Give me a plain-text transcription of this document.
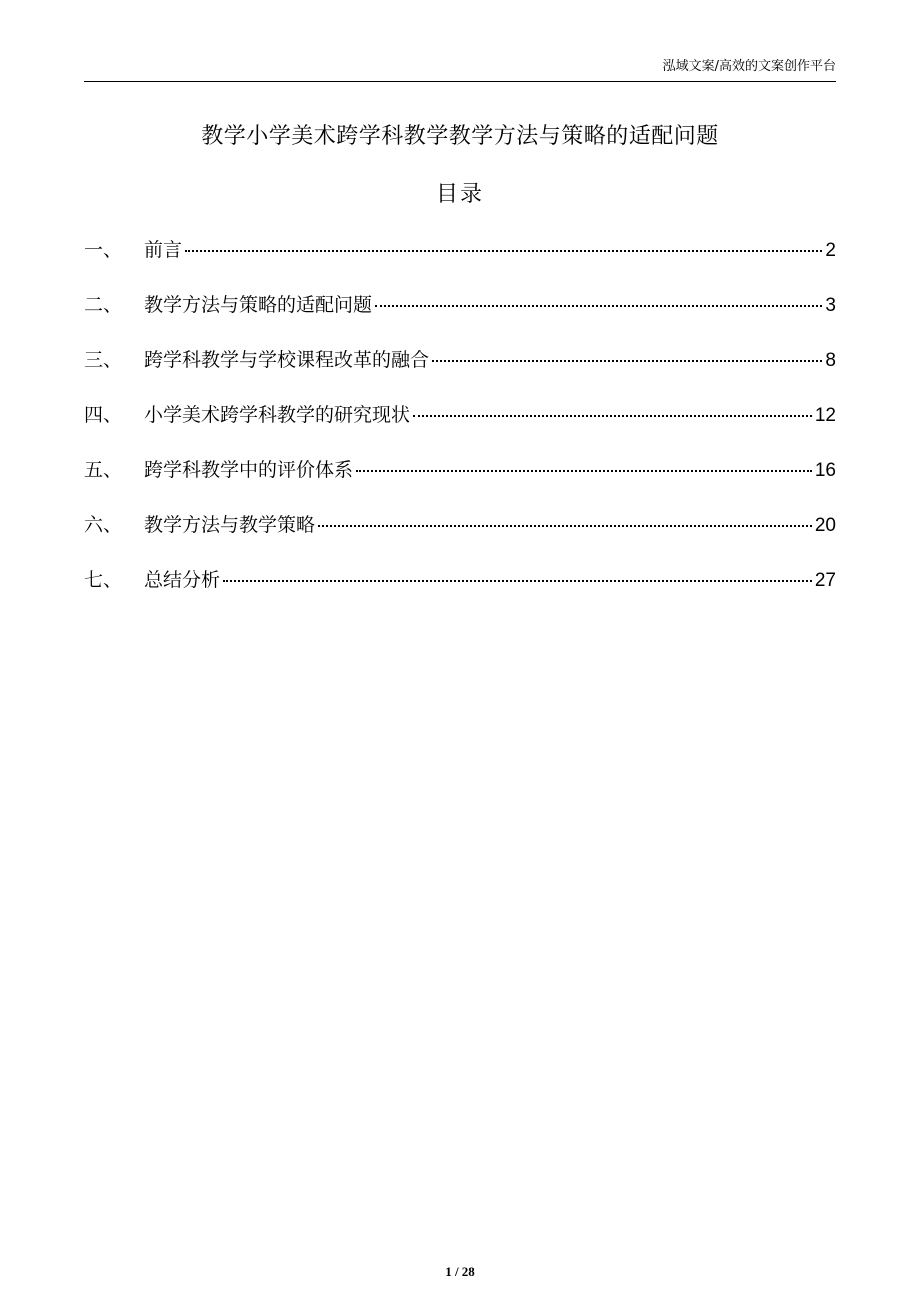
泓域文案/高效的文案创作平台
教学小学美术跨学科教学教学方法与策略的适配问题
目录
一、	前言	2
二、	教学方法与策略的适配问题	3
三、	跨学科教学与学校课程改革的融合	8
四、	小学美术跨学科教学的研究现状	12
五、	跨学科教学中的评价体系	16
六、	教学方法与教学策略	20
七、	总结分析	27
1 / 28
